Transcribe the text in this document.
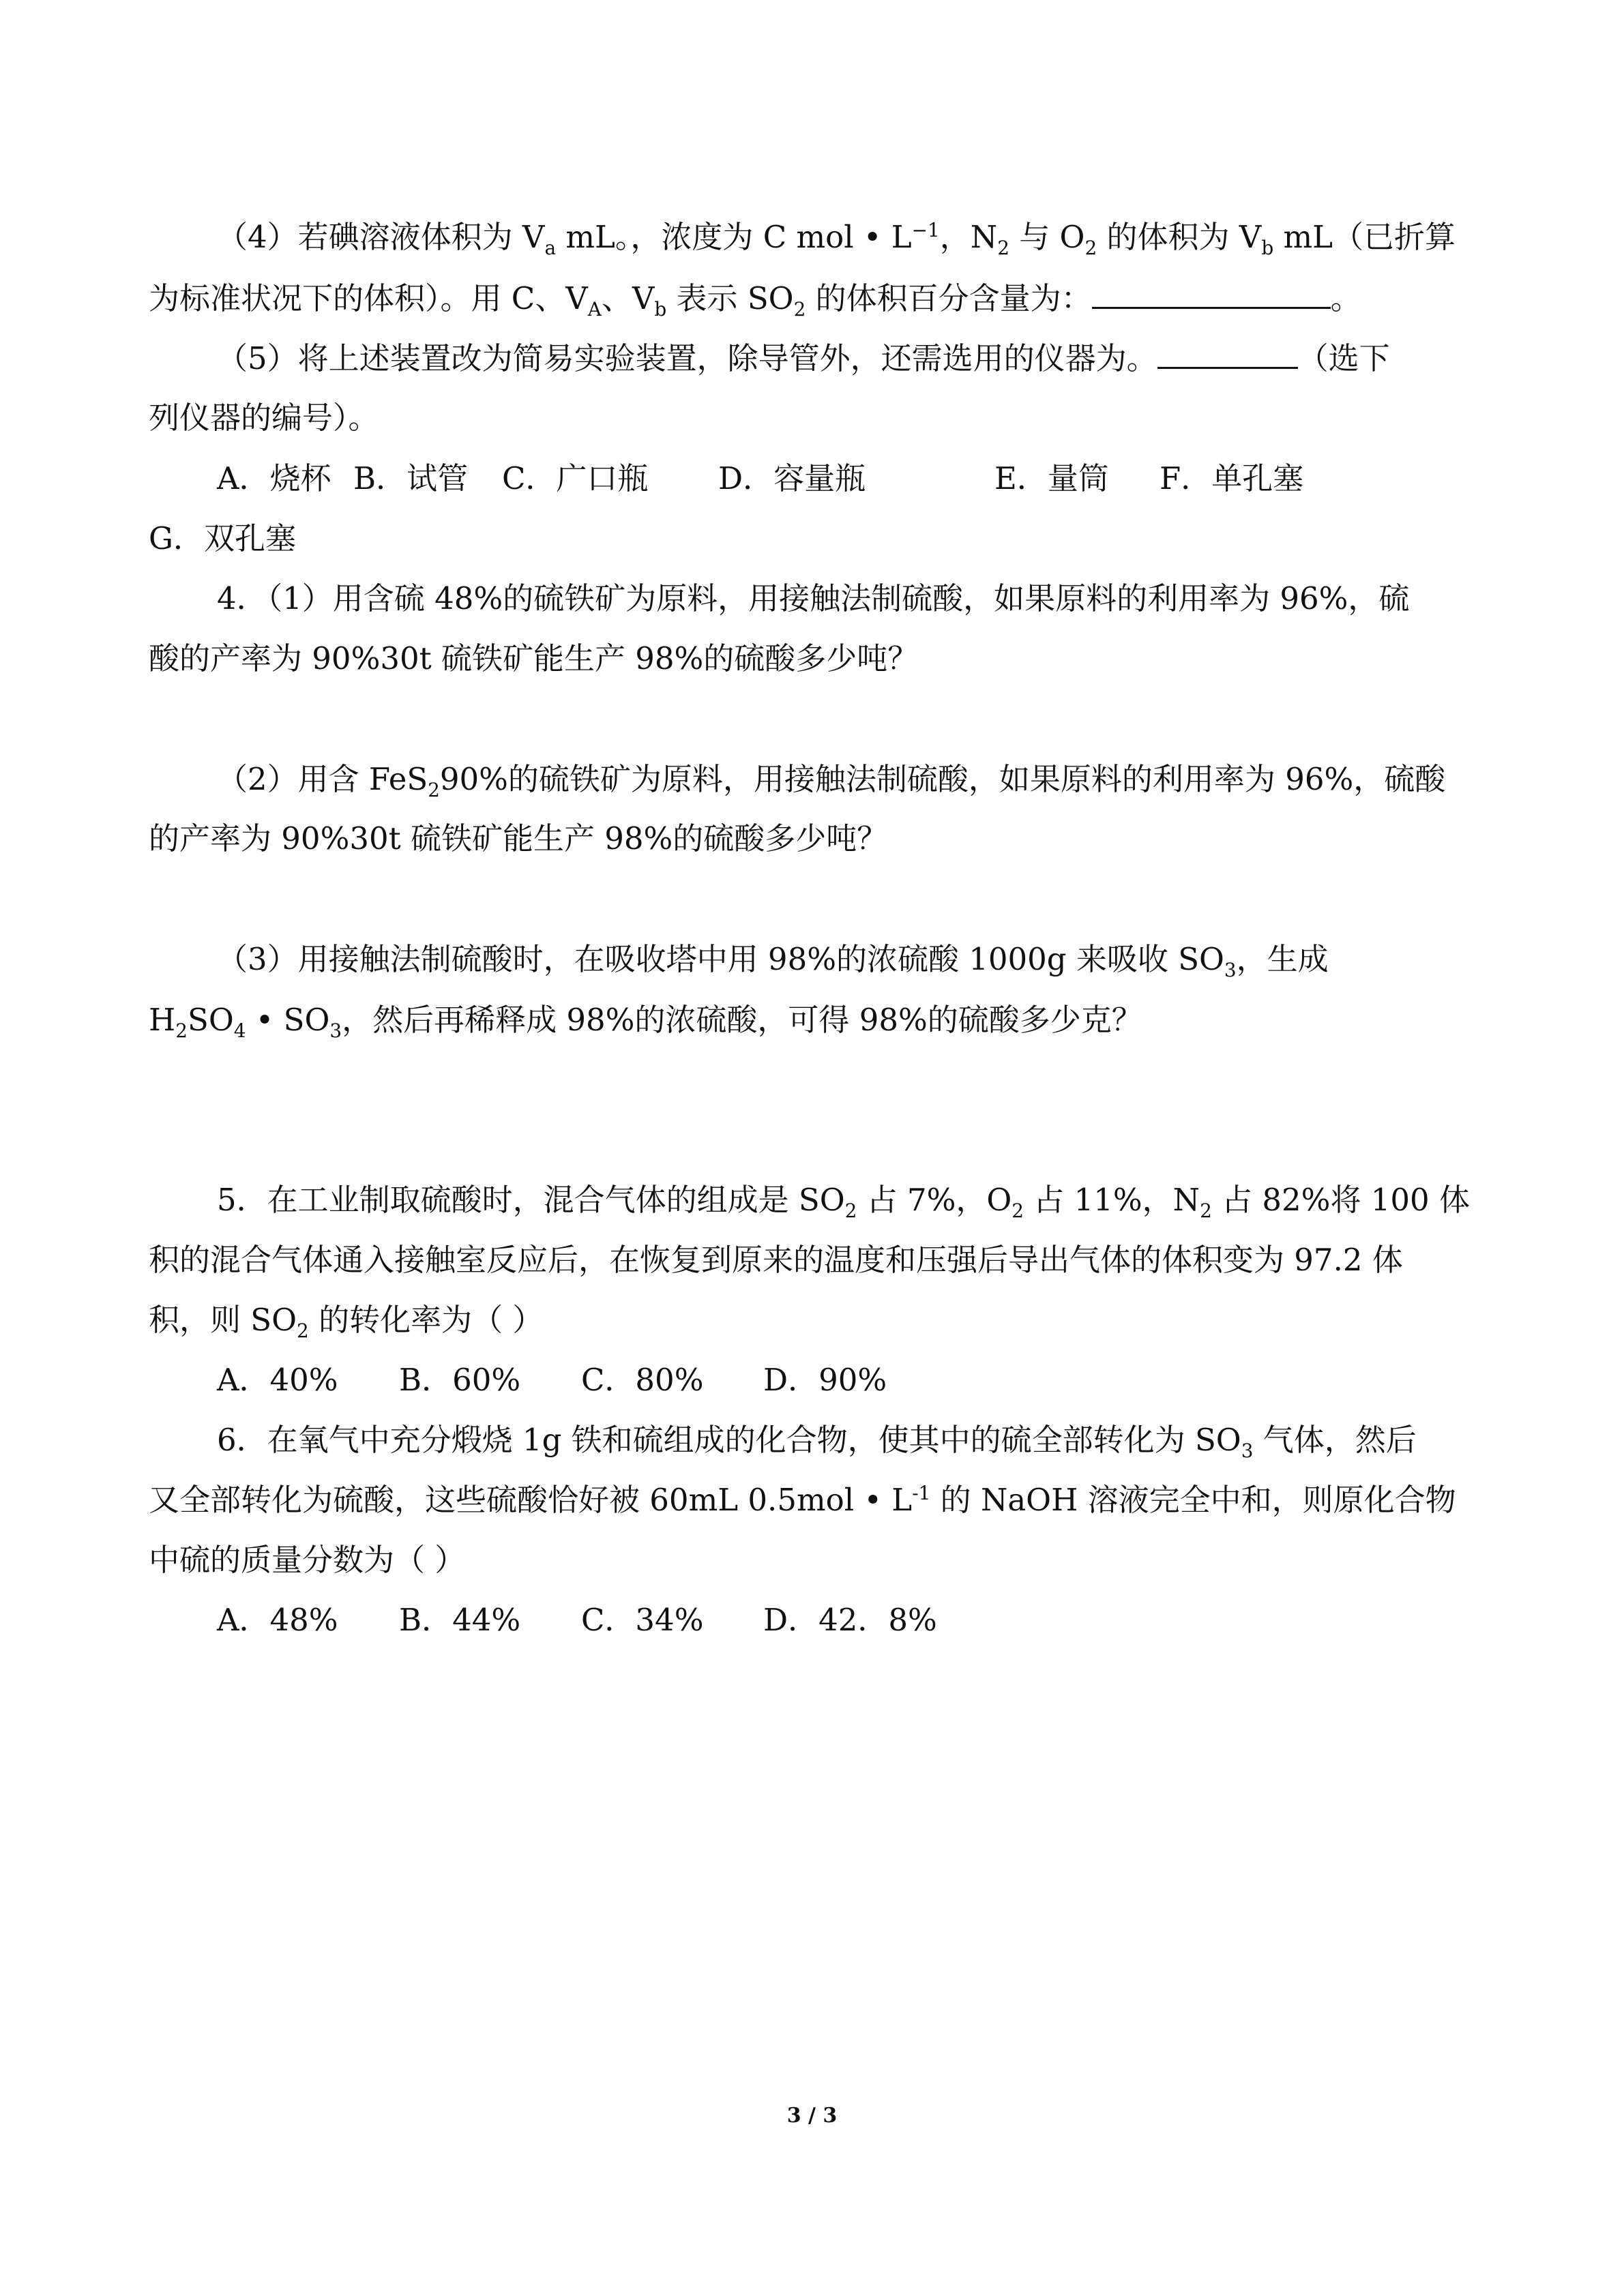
（4）若碘溶液体积为 $V_a$ mL。，浓度为 C mol • $L^{-1}$，$N_2$ 与 $O_2$ 的体积为 $V_b$ mL（已折算
为标准状况下的体积）。用 C、$V_A$、$V_b$ 表示 $SO_2$ 的体积百分含量为：	。
（5）将上述装置改为简易实验装置，除导管外，还需选用的仪器为。	（选下
列仪器的编号）。
A．烧杯 B．试管 C．广口瓶 D．容量瓶	E．量筒 F．单孔塞
G．双孔塞
4．（1）用含硫 48%的硫铁矿为原料，用接触法制硫酸，如果原料的利用率为 96%，硫
酸的产率为 90%30t 硫铁矿能生产 98%的硫酸多少吨？
（2）用含 FeS$_2$90%的硫铁矿为原料，用接触法制硫酸，如果原料的利用率为 96%，硫酸
的产率为 90%30t 硫铁矿能生产 98%的硫酸多少吨？
（3）用接触法制硫酸时，在吸收塔中用 98%的浓硫酸 1000g 来吸收 $SO_3$，生成
$H_2SO_4$ • $SO_3$，然后再稀释成 98%的浓硫酸，可得 98%的硫酸多少克？
5．在工业制取硫酸时，混合气体的组成是 $SO_2$ 占 7%，$O_2$ 占 11%，$N_2$ 占 82%将 100 体
积的混合气体通入接触室反应后，在恢复到原来的温度和压强后导出气体的体积变为 97.2 体
积，则 $SO_2$ 的转化率为（ ）
A．40% B．60% C．80% D．90%
6．在氧气中充分煅烧 1g 铁和硫组成的化合物，使其中的硫全部转化为 $SO_3$ 气体，然后
又全部转化为硫酸，这些硫酸恰好被 60mL 0.5mol • $L^{-1}$ 的 NaOH 溶液完全中和，则原化合物
中硫的质量分数为（ ）
A．48% B．44% C．34% D．42．8%
3 / 3
